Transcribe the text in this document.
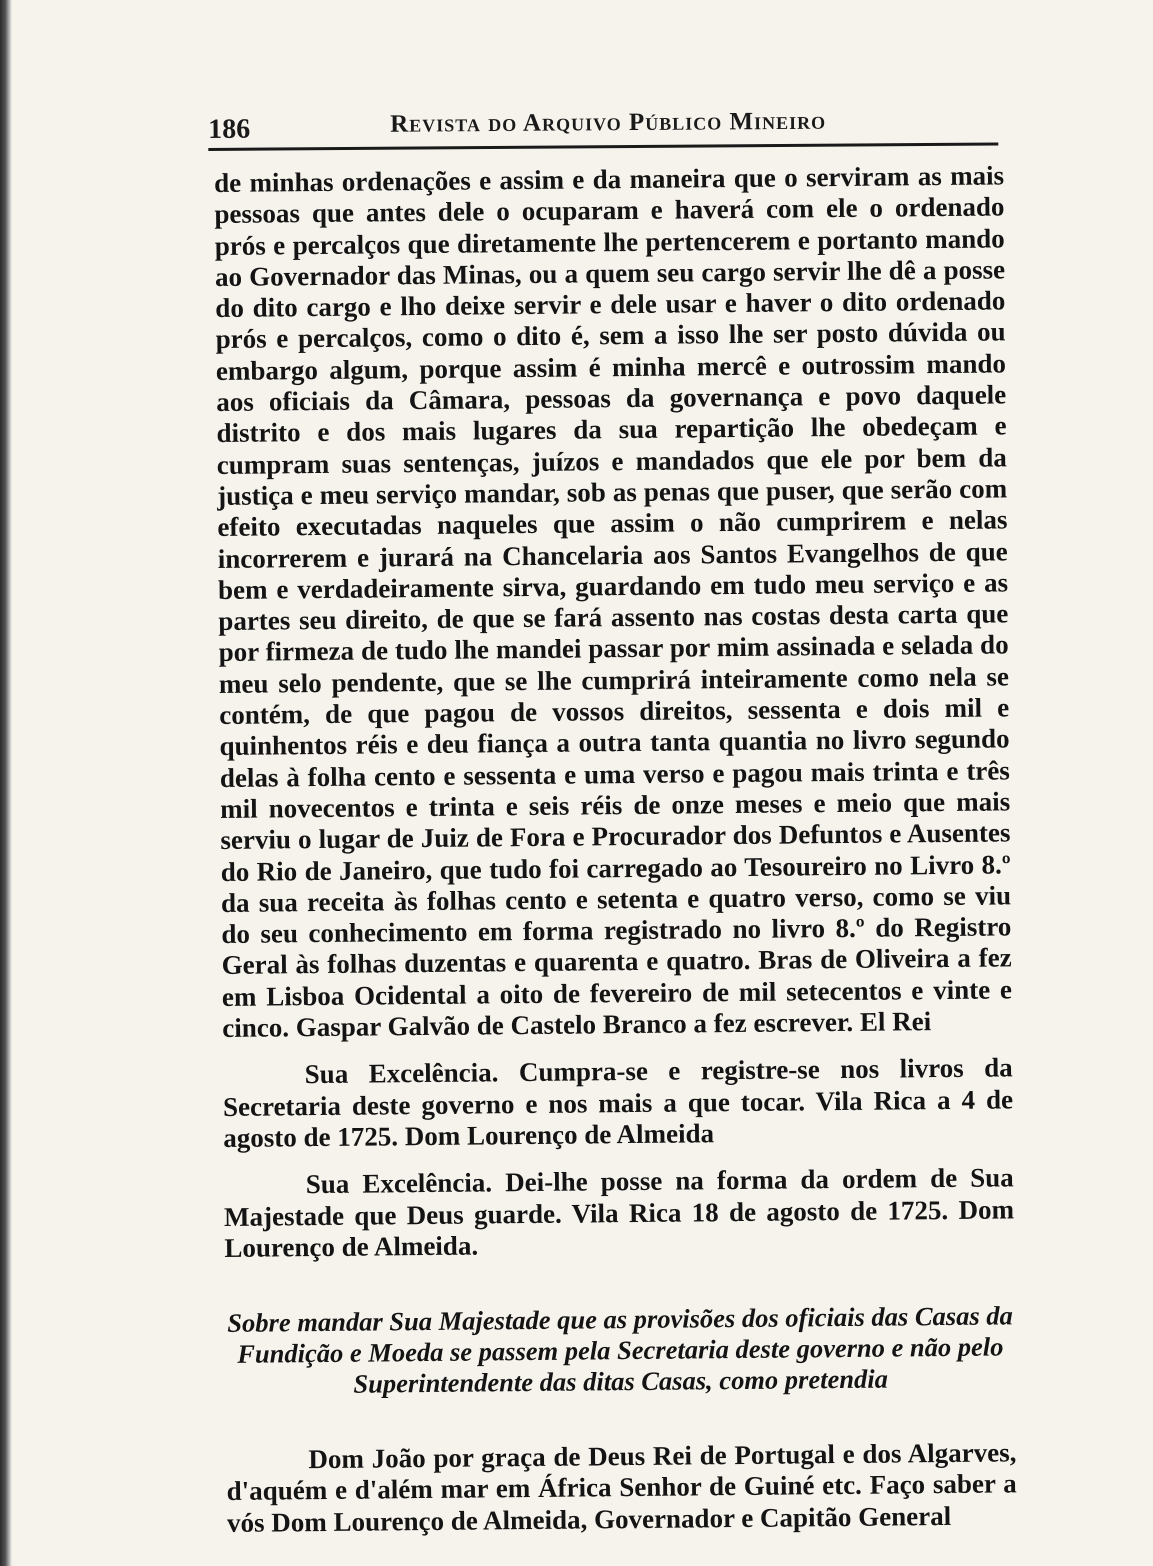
186	Revista do Arquivo Público Mineiro

de minhas ordenações e assim e da maneira que o serviram as mais pessoas que antes dele o ocuparam e haverá com ele o ordenado prós e percalços que diretamente lhe pertencerem e portanto mando ao Governador das Minas, ou a quem seu cargo servir lhe dê a posse do dito cargo e lho deixe servir e dele usar e haver o dito ordenado prós e percalços, como o dito é, sem a isso lhe ser posto dúvida ou embargo algum, porque assim é minha mercê e outrossim mando aos oficiais da Câmara, pessoas da governança e povo daquele distrito e dos mais lugares da sua repartição lhe obedeçam e cumpram suas sentenças, juízos e mandados que ele por bem da justiça e meu serviço mandar, sob as penas que puser, que serão com efeito executadas naqueles que assim o não cumprirem e nelas incorrerem e jurará na Chancelaria aos Santos Evangelhos de que bem e verdadeiramente sirva, guardando em tudo meu serviço e as partes seu direito, de que se fará assento nas costas desta carta que por firmeza de tudo lhe mandei passar por mim assinada e selada do meu selo pendente, que se lhe cumprirá inteiramente como nela se contém, de que pagou de vossos direitos, sessenta e dois mil e quinhentos réis e deu fiança a outra tanta quantia no livro segundo delas à folha cento e sessenta e uma verso e pagou mais trinta e três mil novecentos e trinta e seis réis de onze meses e meio que mais serviu o lugar de Juiz de Fora e Procurador dos Defuntos e Ausentes do Rio de Janeiro, que tudo foi carregado ao Tesoureiro no Livro 8.º da sua receita às folhas cento e setenta e quatro verso, como se viu do seu conhecimento em forma registrado no livro 8.º do Registro Geral às folhas duzentas e quarenta e quatro. Bras de Oliveira a fez em Lisboa Ocidental a oito de fevereiro de mil setecentos e vinte e cinco. Gaspar Galvão de Castelo Branco a fez escrever. El Rei

Sua Excelência. Cumpra-se e registre-se nos livros da Secretaria deste governo e nos mais a que tocar. Vila Rica a 4 de agosto de 1725. Dom Lourenço de Almeida

Sua Excelência. Dei-lhe posse na forma da ordem de Sua Majestade que Deus guarde. Vila Rica 18 de agosto de 1725. Dom Lourenço de Almeida.

Sobre mandar Sua Majestade que as provisões dos oficiais das Casas da Fundição e Moeda se passem pela Secretaria deste governo e não pelo Superintendente das ditas Casas, como pretendia

Dom João por graça de Deus Rei de Portugal e dos Algarves, d'aquém e d'além mar em África Senhor de Guiné etc. Faço saber a vós Dom Lourenço de Almeida, Governador e Capitão General
